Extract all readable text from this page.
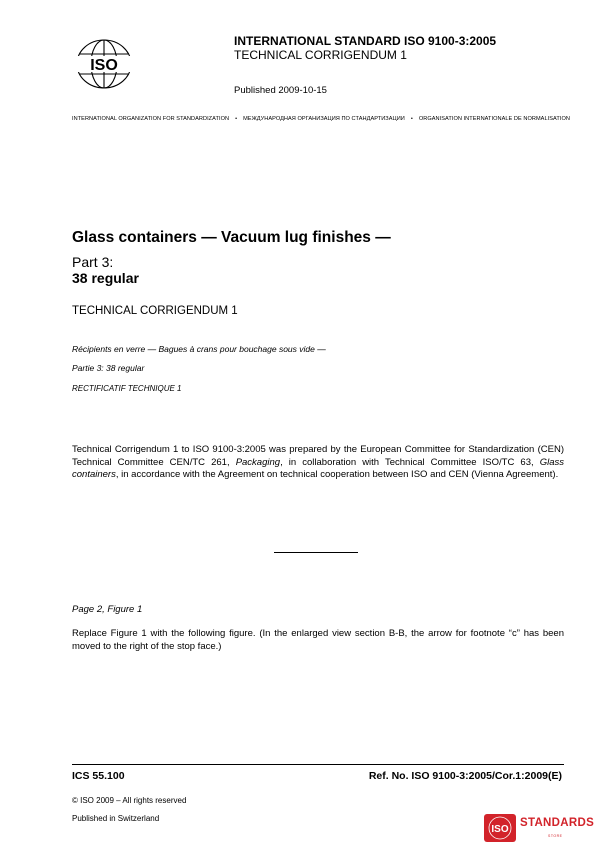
ISO
INTERNATIONAL STANDARD ISO 9100-3:2005
TECHNICAL CORRIGENDUM 1
Published 2009-10-15
INTERNATIONAL ORGANIZATION FOR STANDARDIZATION • МЕЖДУНАРОДНАЯ ОРГАНИЗАЦИЯ ПО СТАНДАРТИЗАЦИИ • ORGANISATION INTERNATIONALE DE NORMALISATION
Glass containers — Vacuum lug finishes —
Part 3:
38 regular
TECHNICAL CORRIGENDUM 1
Récipients en verre — Bagues à crans pour bouchage sous vide —
Partie 3: 38 regular
RECTIFICATIF TECHNIQUE 1
Technical Corrigendum 1 to ISO 9100-3:2005 was prepared by the European Committee for Standardization (CEN) Technical Committee CEN/TC 261, Packaging, in collaboration with Technical Committee ISO/TC 63, Glass containers, in accordance with the Agreement on technical cooperation between ISO and CEN (Vienna Agreement).
Page 2, Figure 1
Replace Figure 1 with the following figure. (In the enlarged view section B-B, the arrow for footnote “c” has been moved to the right of the stop face.)
ICS 55.100	Ref. No. ISO 9100-3:2005/Cor.1:2009(E)
© ISO 2009 – All rights reserved
Published in Switzerland
ISO
STANDARDS
STORE
